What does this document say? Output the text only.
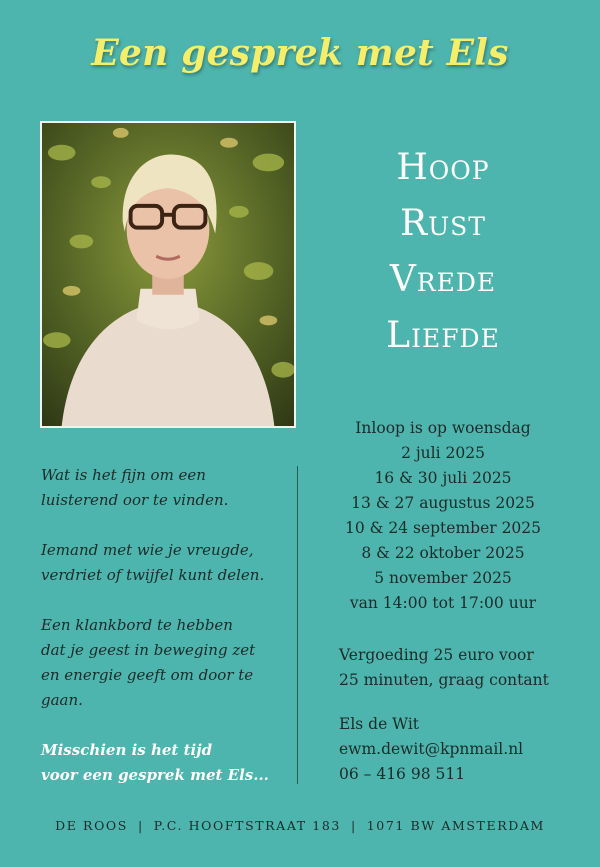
Een gesprek met Els
Hoop
Rust
Vrede
Liefde
Inloop is op woensdag
2 juli 2025
16 & 30 juli 2025
13 & 27 augustus 2025
10 & 24 september 2025
8 & 22 oktober 2025
5 november 2025
van 14:00 tot 17:00 uur

Wat is het fijn om een
luisterend oor te vinden.

Iemand met wie je vreugde,
verdriet of twijfel kunt delen.

Een klankbord te hebben
dat je geest in beweging zet
en energie geeft om door te gaan.

Misschien is het tijd
voor een gesprek met Els...

Vergoeding 25 euro voor
25 minuten, graag contant
Els de Wit
ewm.dewit@kpnmail.nl
06 – 416 98 511
DE ROOS | P.C. HOOFTSTRAAT 183 | 1071 BW AMSTERDAM
